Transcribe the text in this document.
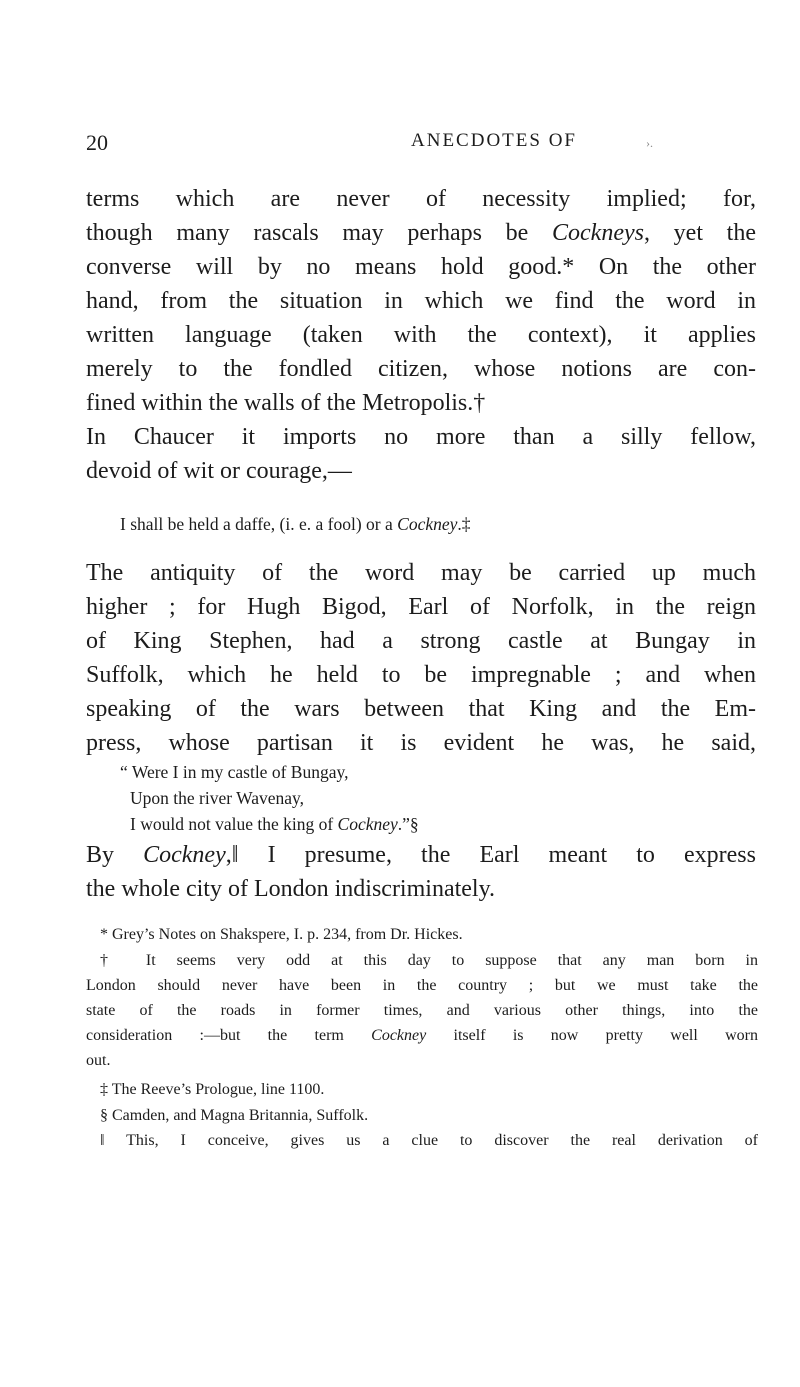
20	ANECDOTES OF	›.
terms which are never of necessity implied; for,
though many rascals may perhaps be Cockneys, yet the
converse will by no means hold good.* On the other
hand, from the situation in which we find the word in
written language (taken with the context), it applies
merely to the fondled citizen, whose notions are con-
fined within the walls of the Metropolis.†
In Chaucer it imports no more than a silly fellow,
devoid of wit or courage,—
I shall be held a daffe, (i. e. a fool) or a Cockney.‡
The antiquity of the word may be carried up much
higher ; for Hugh Bigod, Earl of Norfolk, in the reign
of King Stephen, had a strong castle at Bungay in
Suffolk, which he held to be impregnable ; and when
speaking of the wars between that King and the Em-
press, whose partisan it is evident he was, he said,
“ Were I in my castle of Bungay,
Upon the river Wavenay,
I would not value the king of Cockney.”§
By Cockney,‖ I presume, the Earl meant to express
the whole city of London indiscriminately.
* Grey’s Notes on Shakspere, I. p. 234, from Dr. Hickes.
† It seems very odd at this day to suppose that any man born in
London should never have been in the country ; but we must take the
state of the roads in former times, and various other things, into the
consideration :—but the term Cockney itself is now pretty well worn
out.
‡ The Reeve’s Prologue, line 1100.
§ Camden, and Magna Britannia, Suffolk.
‖ This, I conceive, gives us a clue to discover the real derivation of
